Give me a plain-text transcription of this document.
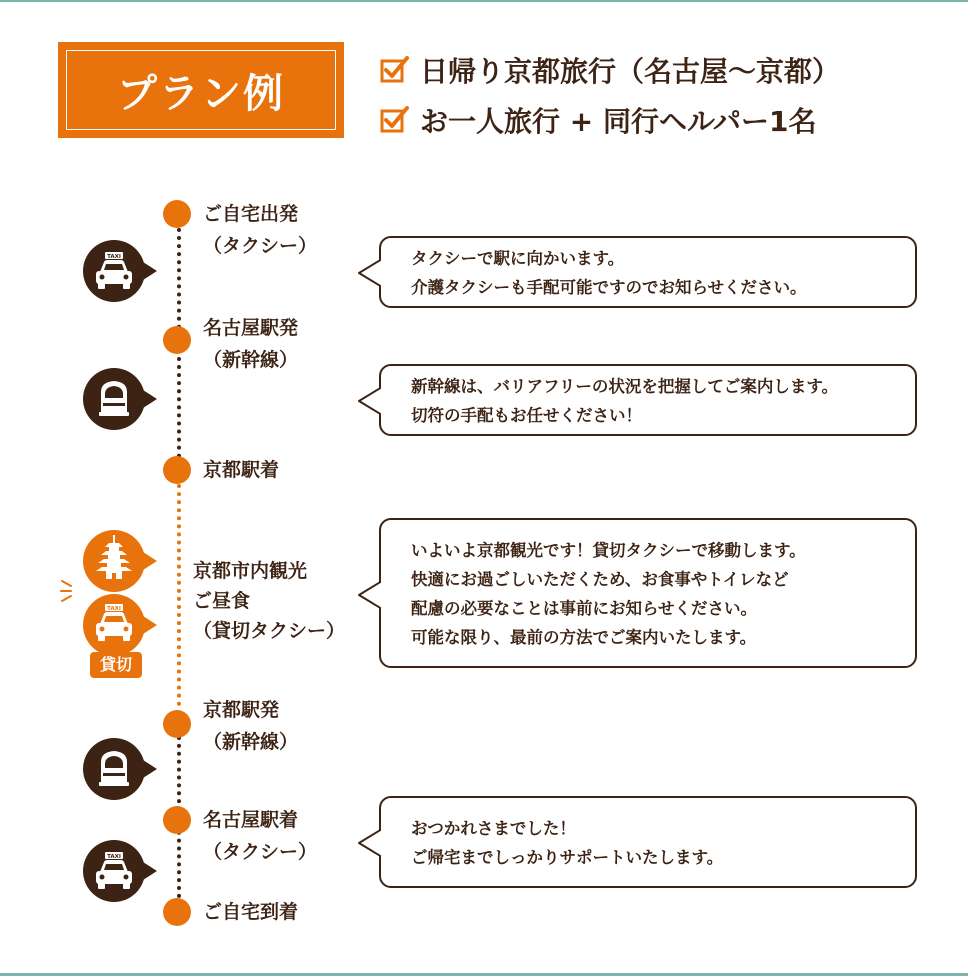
プラン例	日帰り京都旅行（名古屋〜京都）
お一人旅行 + 同行ヘルパー1名
ご自宅出発
（タクシー）
名古屋駅発
（新幹線）
京都駅着
京都市内観光
ご昼食
（貸切タクシー）
京都駅発
（新幹線）
名古屋駅着
（タクシー）
ご自宅到着
TAXI
TAXI
貸切
TAXI
タクシーで駅に向かいます。
介護タクシーも手配可能ですのでお知らせください。
新幹線は、バリアフリーの状況を把握してご案内します。
切符の手配もお任せください！
いよいよ京都観光です！貸切タクシーで移動します。
快適にお過ごしいただくため、お食事やトイレなど
配慮の必要なことは事前にお知らせください。
可能な限り、最前の方法でご案内いたします。
おつかれさまでした！
ご帰宅までしっかりサポートいたします。
